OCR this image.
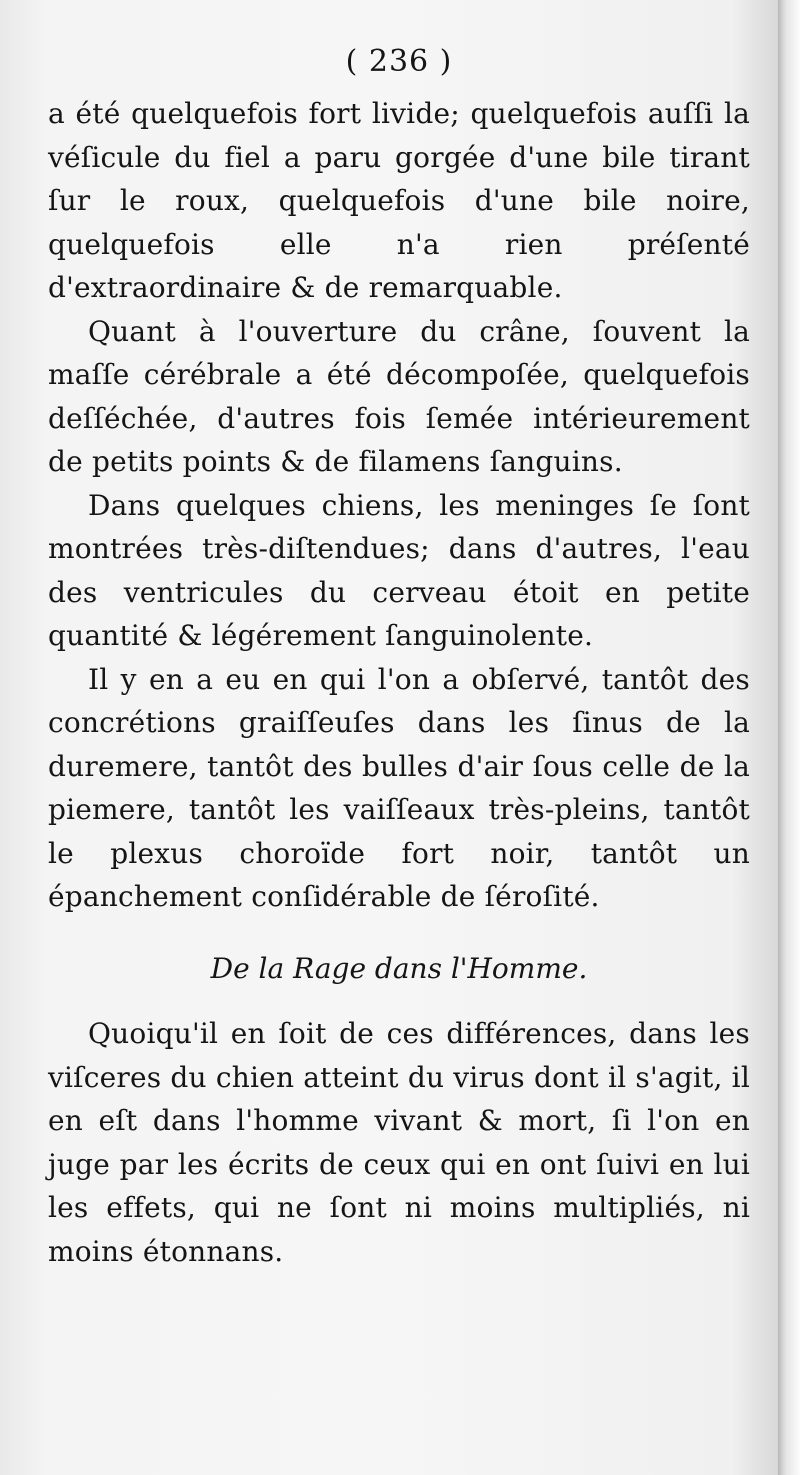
( 236 )

a été quelquefois fort livide; quelquefois auſſi la véſicule du fiel a paru gorgée d'une bile tirant ſur le roux, quelquefois d'une bile noire, quelquefois elle n'a rien préſenté d'extraordinaire & de remarquable.

Quant à l'ouverture du crâne, ſouvent la maſſe cérébrale a été décompoſée, quelquefois deſſéchée, d'autres fois ſemée intérieurement de petits points & de filamens ſanguins.

Dans quelques chiens, les meninges ſe ſont montrées très-diſtendues; dans d'autres, l'eau des ventricules du cerveau étoit en petite quantité & légérement ſanguinolente.

Il y en a eu en qui l'on a obſervé, tantôt des concrétions graiſſeuſes dans les ſinus de la duremere, tantôt des bulles d'air ſous celle de la piemere, tantôt les vaiſſeaux très-pleins, tantôt le plexus choroïde fort noir, tantôt un épanchement conſidérable de ſéroſité.

De la Rage dans l'Homme.

Quoiqu'il en ſoit de ces différences, dans les viſceres du chien atteint du virus dont il s'agit, il en eſt dans l'homme vivant & mort, ſi l'on en juge par les écrits de ceux qui en ont ſuivi en lui les effets, qui ne ſont ni moins multipliés, ni moins étonnans.
